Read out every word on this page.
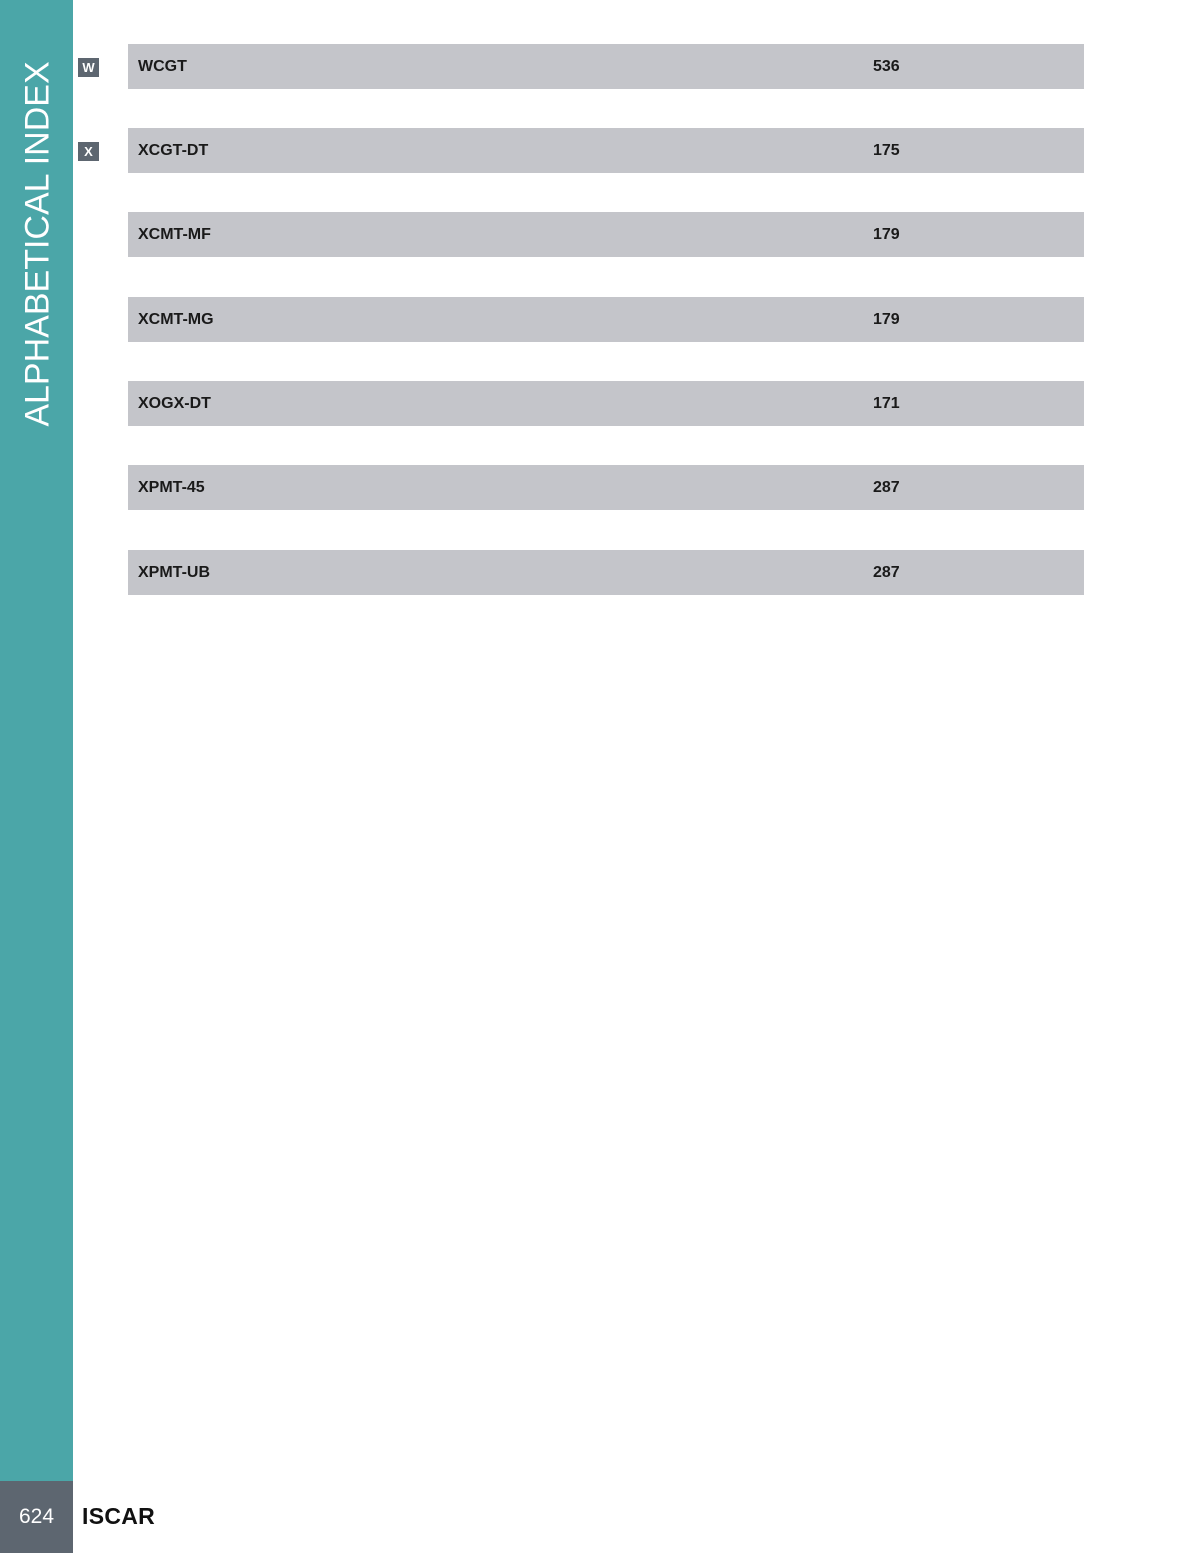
ALPHABETICAL INDEX	W
X
WCGT	536
XCGT-DT	175
XCMT-MF	179
XCMT-MG	179
XOGX-DT	171
XPMT-45	287
XPMT-UB	287
624	ISCAR
